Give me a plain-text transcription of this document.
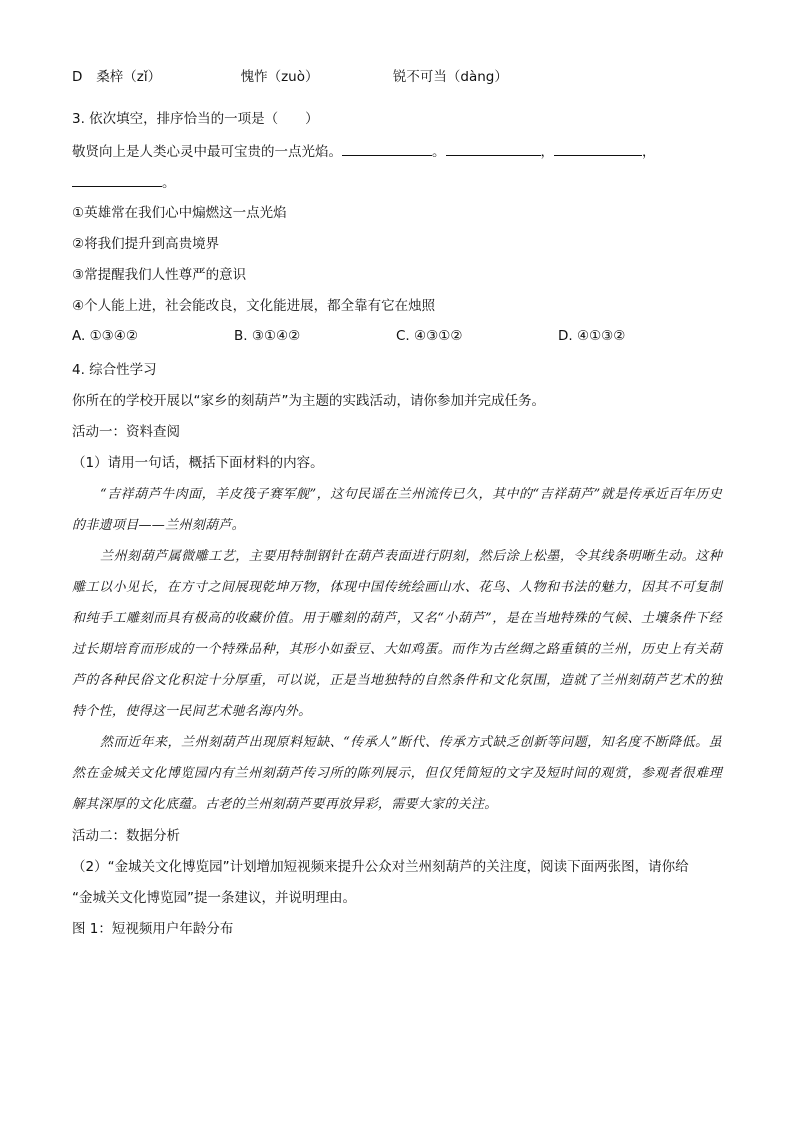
D 桑梓（zǐ）	愧怍（zuò）	锐不可当（dàng）
3. 依次填空，排序恰当的一项是（　　）
敬贤向上是人类心灵中最可宝贵的一点光焰。	。	，	，
。
①英雄常在我们心中煽燃这一点光焰
②将我们提升到高贵境界
③常提醒我们人性尊严的意识
④个人能上进，社会能改良，文化能进展，都全靠有它在烛照
A. ①③④②	B. ③①④②	C. ④③①②	D. ④①③②
4. 综合性学习
你所在的学校开展以“家乡的刻葫芦”为主题的实践活动，请你参加并完成任务。
活动一：资料查阅
（1）请用一句话，概括下面材料的内容。

“吉祥葫芦牛肉面，羊皮筏子赛军舰”，这句民谣在兰州流传已久，其中的“吉祥葫芦”就是传承近百年历史的非遗项目——兰州刻葫芦。

兰州刻葫芦属微雕工艺，主要用特制钢针在葫芦表面进行阴刻，然后涂上松墨，令其线条明晰生动。这种雕工以小见长，在方寸之间展现乾坤万物，体现中国传统绘画山水、花鸟、人物和书法的魅力，因其不可复制和纯手工雕刻而具有极高的收藏价值。用于雕刻的葫芦，又名“小葫芦”，是在当地特殊的气候、土壤条件下经过长期培育而形成的一个特殊品种，其形小如蚕豆、大如鸡蛋。而作为古丝绸之路重镇的兰州，历史上有关葫芦的各种民俗文化积淀十分厚重，可以说，正是当地独特的自然条件和文化氛围，造就了兰州刻葫芦艺术的独特个性，使得这一民间艺术驰名海内外。

然而近年来，兰州刻葫芦出现原料短缺、“传承人”断代、传承方式缺乏创新等问题，知名度不断降低。虽然在金城关文化博览园内有兰州刻葫芦传习所的陈列展示，但仅凭简短的文字及短时间的观赏，参观者很难理解其深厚的文化底蕴。古老的兰州刻葫芦要再放异彩，需要大家的关注。

活动二：数据分析
（2）“金城关文化博览园”计划增加短视频来提升公众对兰州刻葫芦的关注度，阅读下面两张图，请你给
“金城关文化博览园”提一条建议，并说明理由。
图 1：短视频用户年龄分布
